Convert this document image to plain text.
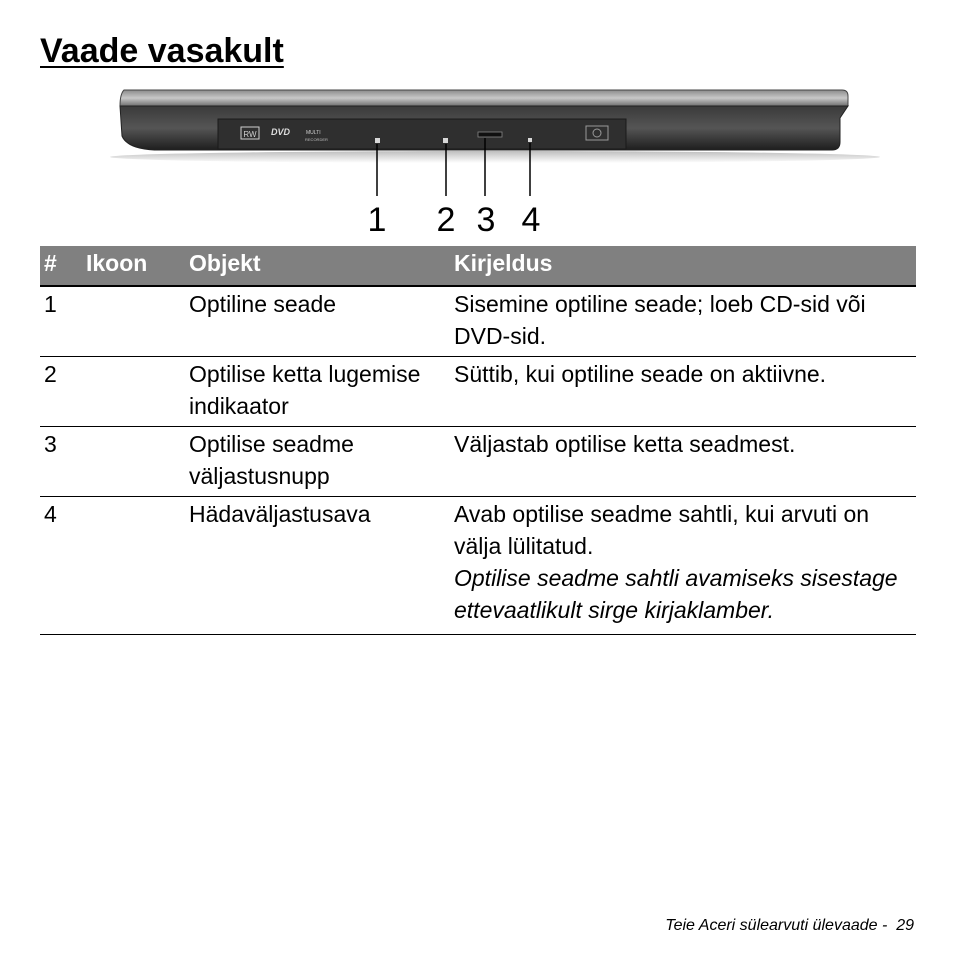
Vaade vasakult
RW DVD	MULTI
RECORDER
1 2 3 4
#	Ikoon	Objekt	Kirjeldus
1		Optiline seade	Sisemine optiline seade; loeb CD-sid või DVD-sid.
2		Optilise ketta lugemise indikaator	Süttib, kui optiline seade on aktiivne.
3		Optilise seadme väljastusnupp	Väljastab optilise ketta seadmest.
4		Hädaväljastusava	Avab optilise seadme sahtli, kui arvuti on välja lülitatud.
Optilise seadme sahtli avamiseks sisestage ettevaatlikult sirge kirjaklamber.
Teie Aceri sülearvuti ülevaade - 29
